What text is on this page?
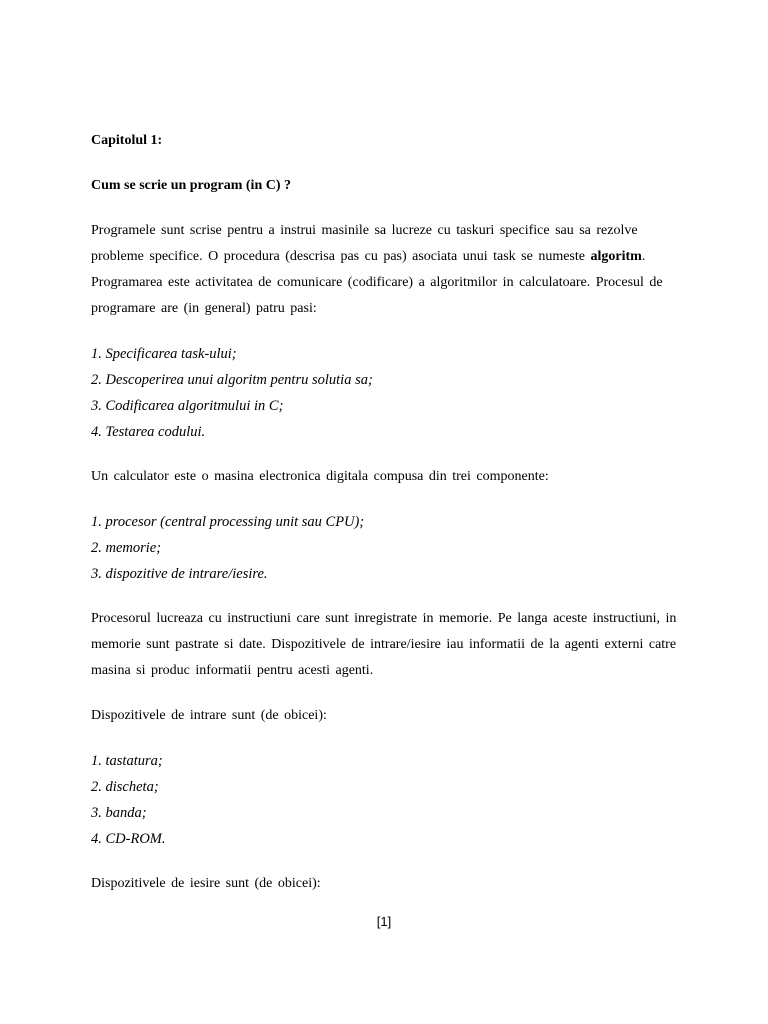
Capitolul 1:

Cum se scrie un program (in C) ?

Programele sunt scrise pentru a instrui masinile sa lucreze cu taskuri specifice sau sa rezolve probleme specifice. O procedura (descrisa pas cu pas) asociata unui task se numeste algoritm. Programarea este activitatea de comunicare (codificare) a algoritmilor in calculatoare. Procesul de programare are (in general) patru pasi:

1. Specificarea task-ului;
2. Descoperirea unui algoritm pentru solutia sa;
3. Codificarea algoritmului in C;
4. Testarea codului.

Un calculator este o masina electronica digitala compusa din trei componente:

1. procesor (central processing unit sau CPU);
2. memorie;
3. dispozitive de intrare/iesire.

Procesorul lucreaza cu instructiuni care sunt inregistrate in memorie. Pe langa aceste instructiuni, in memorie sunt pastrate si date. Dispozitivele de intrare/iesire iau informatii de la agenti externi catre masina si produc informatii pentru acesti agenti.

Dispozitivele de intrare sunt (de obicei):

1. tastatura;
2. discheta;
3. banda;
4. CD-ROM.

Dispozitivele de iesire sunt (de obicei):

[1]
